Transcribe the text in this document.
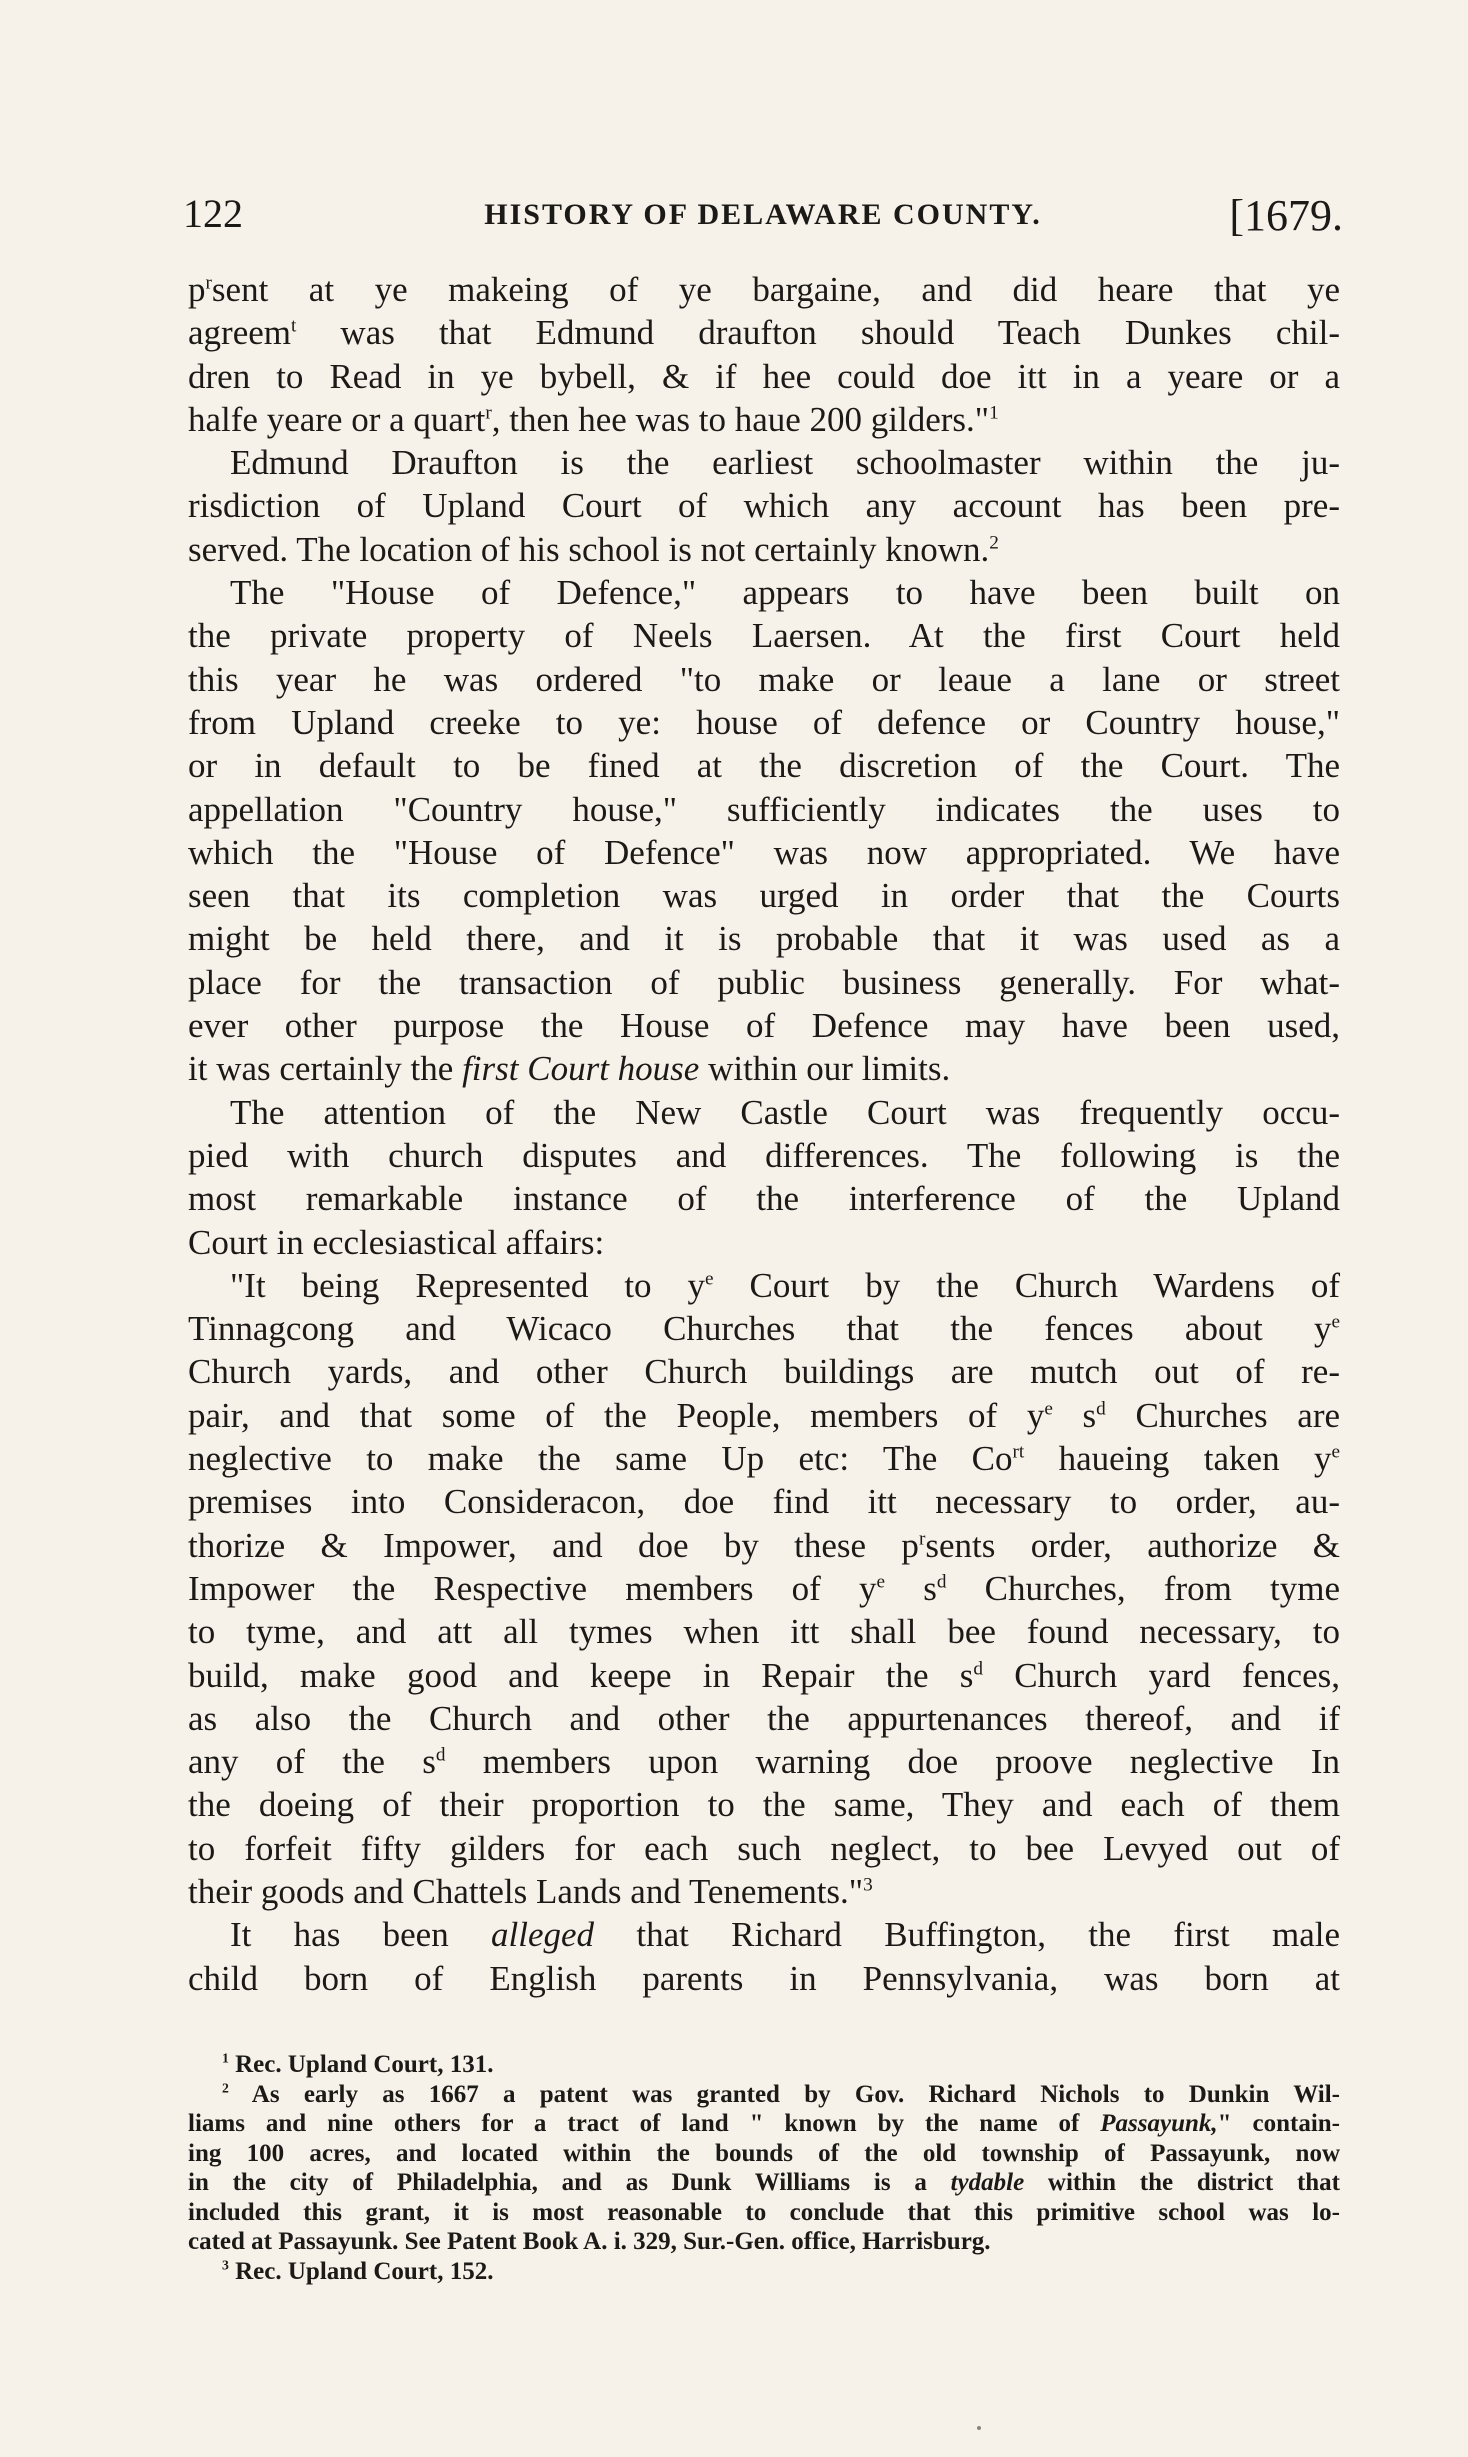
122	HISTORY OF DELAWARE COUNTY.	[1679.
$p^rsent$ at ye makeing of ye bargaine, and did heare that ye
agreem$^t$ was that Edmund draufton should Teach Dunkes chil-
dren to Read in ye bybell, & if hee could doe itt in a yeare or a
halfe yeare or a quart$^r$, then hee was to haue 200 gilders."$^1$
Edmund Draufton is the earliest schoolmaster within the ju-
risdiction of Upland Court of which any account has been pre-
served. The location of his school is not certainly known.$^2$
The "House of Defence," appears to have been built on
the private property of Neels Laersen. At the first Court held
this year he was ordered "to make or leaue a lane or street
from Upland creeke to ye: house of defence or Country house,"
or in default to be fined at the discretion of the Court. The
appellation "Country house," sufficiently indicates the uses to
which the "House of Defence" was now appropriated. We have
seen that its completion was urged in order that the Courts
might be held there, and it is probable that it was used as a
place for the transaction of public business generally. For what-
ever other purpose the House of Defence may have been used,
it was certainly the first Court house within our limits.
The attention of the New Castle Court was frequently occu-
pied with church disputes and differences. The following is the
most remarkable instance of the interference of the Upland
Court in ecclesiastical affairs:
"It being Represented to $y^e$ Court by the Church Wardens of
Tinnagcong and Wicaco Churches that the fences about $y^e$
Church yards, and other Church buildings are mutch out of re-
pair, and that some of the People, members of $y^e$ $s^d$ Churches are
neglective to make the same Up etc: The $Co^{rt}$ haueing taken $y^e$
premises into Consideracon, doe find itt necessary to order, au-
thorize & Impower, and doe by these $p^rsents$ order, authorize &
Impower the Respective members of $y^e$ $s^d$ Churches, from tyme
to tyme, and att all tymes when itt shall bee found necessary, to
build, make good and keepe in Repair the $s^d$ Church yard fences,
as also the Church and other the appurtenances thereof, and if
any of the $s^d$ members upon warning doe proove neglective In
the doeing of their proportion to the same, They and each of them
to forfeit fifty gilders for each such neglect, to bee Levyed out of
their goods and Chattels Lands and Tenements."$^3$
It has been alleged that Richard Buffington, the first male
child born of English parents in Pennsylvania, was born at
$^1$ Rec. Upland Court, 131.
$^2$ As early as 1667 a patent was granted by Gov. Richard Nichols to Dunkin Wil-
liams and nine others for a tract of land " known by the name of Passayunk," contain-
ing 100 acres, and located within the bounds of the old township of Passayunk, now
in the city of Philadelphia, and as Dunk Williams is a tydable within the district that
included this grant, it is most reasonable to conclude that this primitive school was lo-
cated at Passayunk. See Patent Book A. i. 329, Sur.-Gen. office, Harrisburg.
$^3$ Rec. Upland Court, 152.
